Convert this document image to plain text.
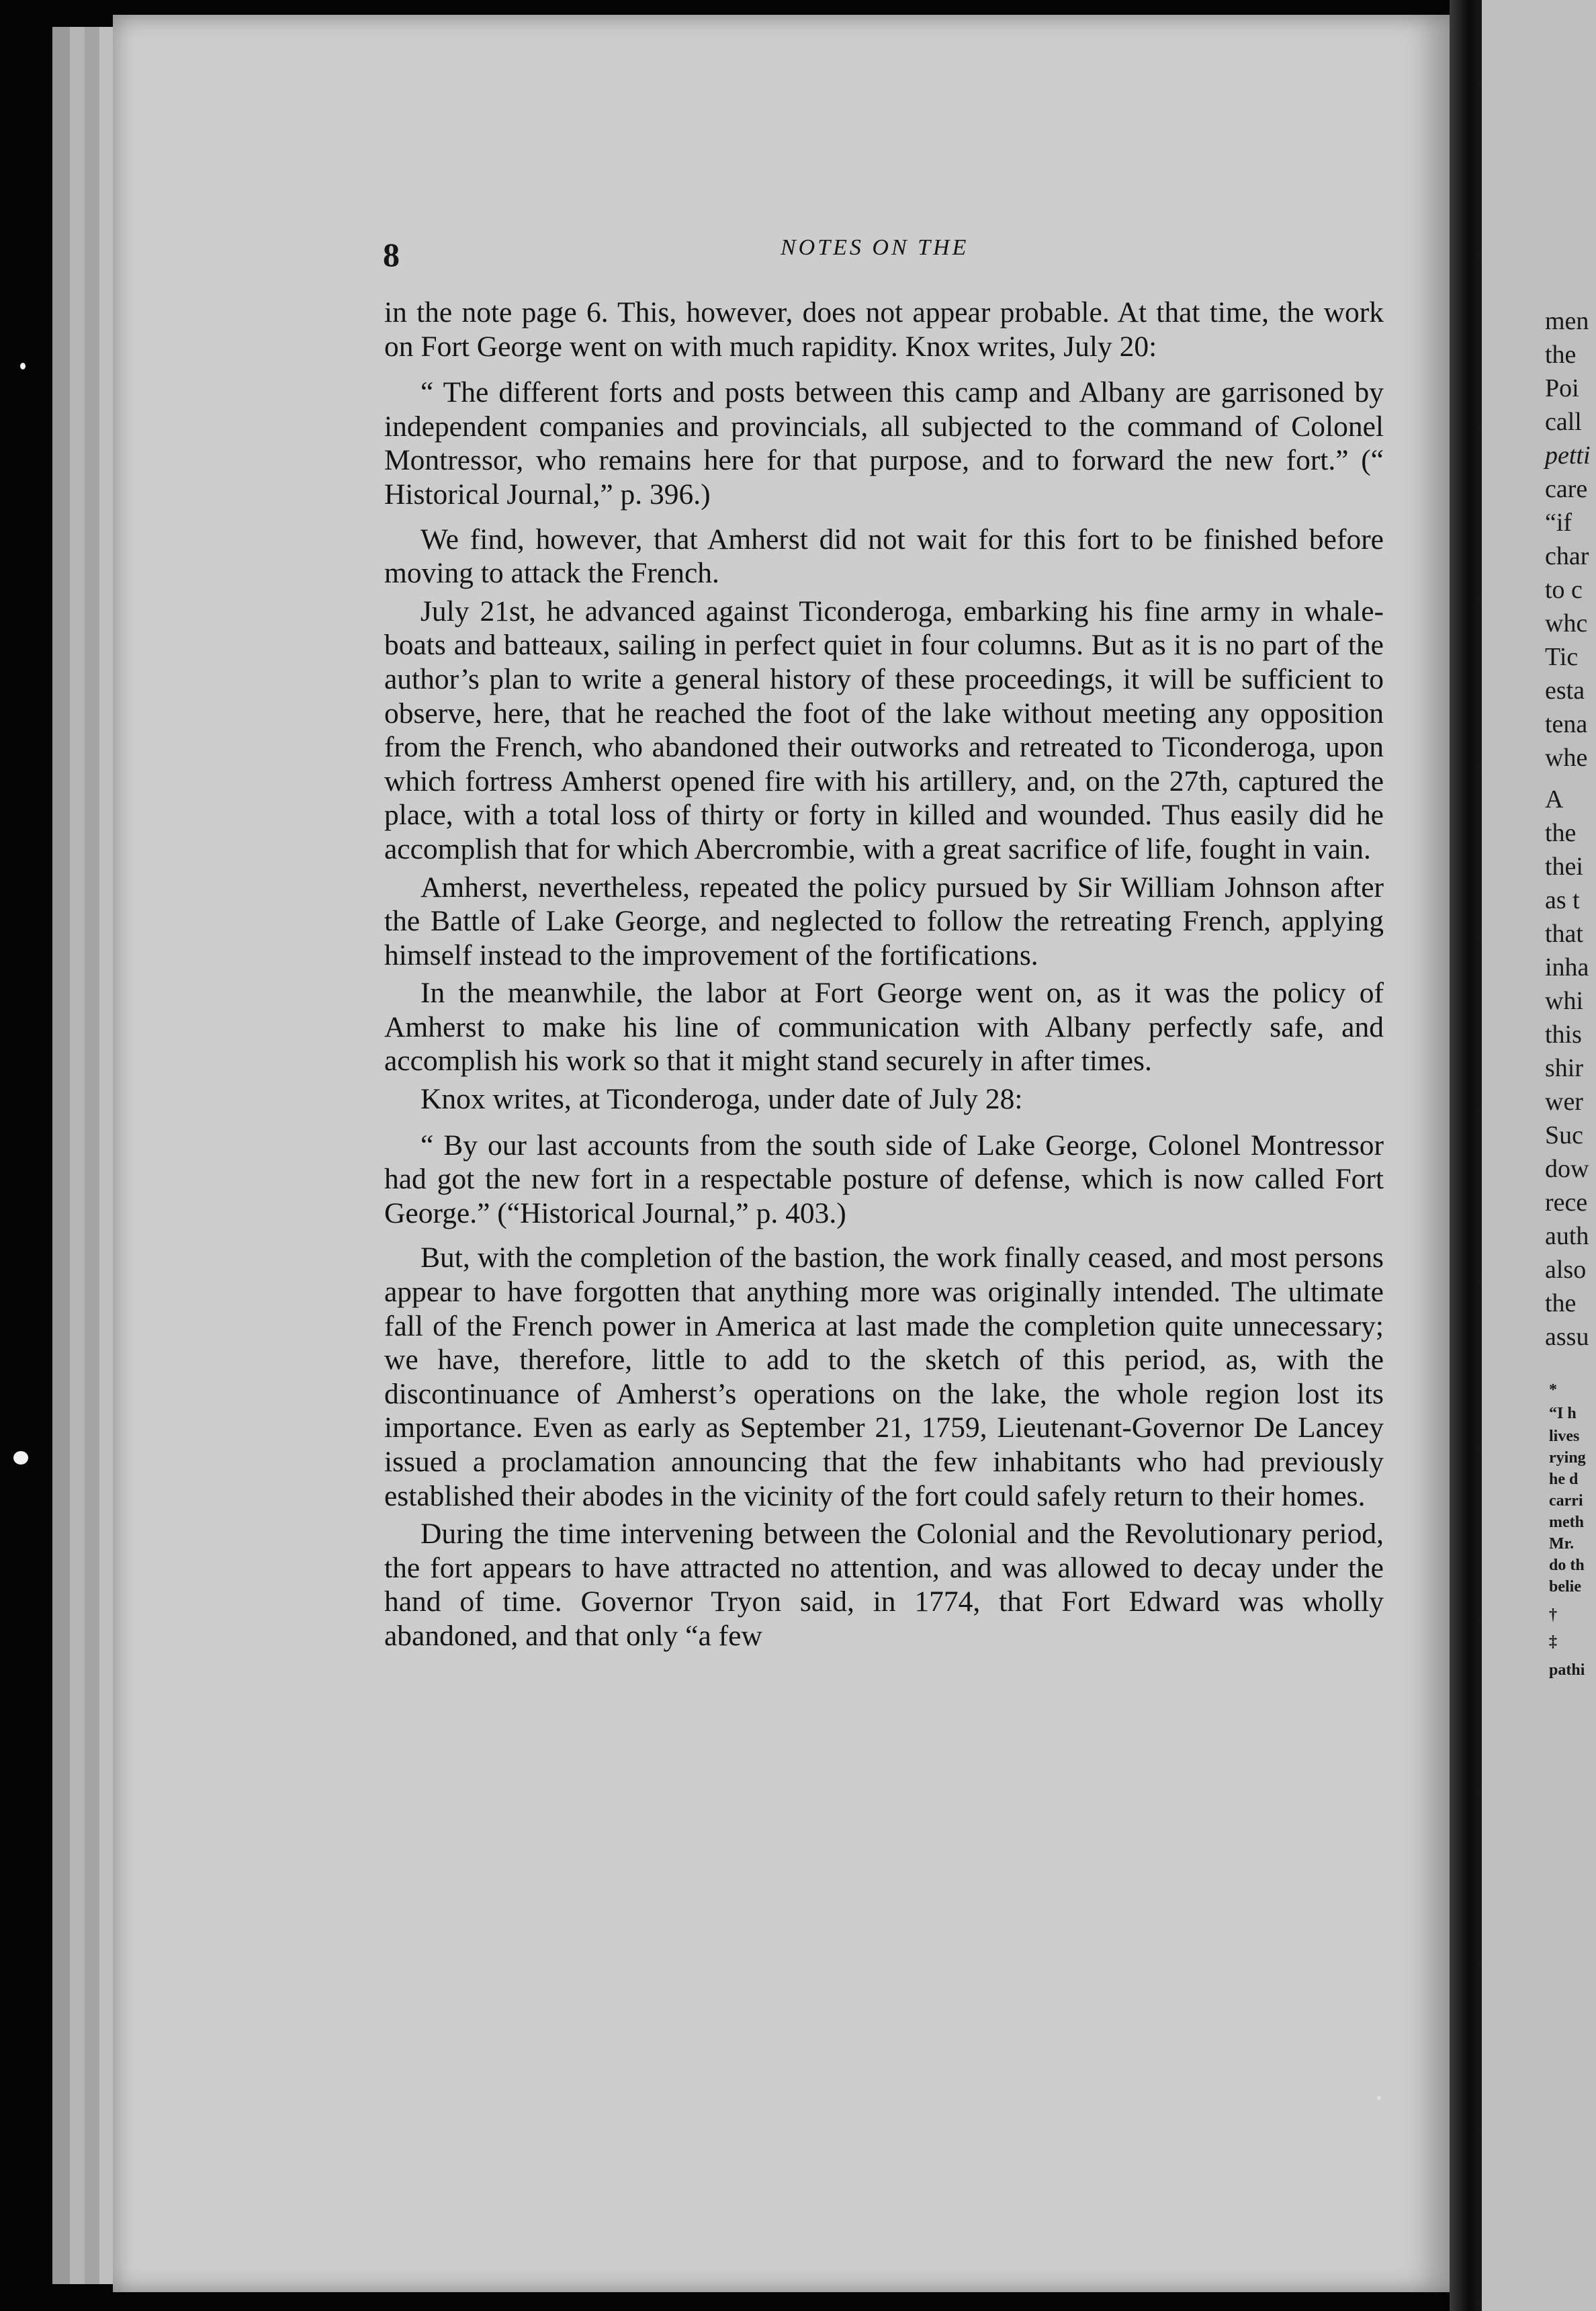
8	NOTES ON THE

in the note page 6. This, however, does not appear probable. At that time, the work on Fort George went on with much rapidity. Knox writes, July 20:

“ The different forts and posts between this camp and Albany are garrisoned by independent companies and provincials, all subjected to the command of Colonel Montressor, who remains here for that purpose, and to forward the new fort.” (“ Historical Journal,” p. 396.)

We find, however, that Amherst did not wait for this fort to be finished before moving to attack the French.

July 21st, he advanced against Ticonderoga, embarking his fine army in whale-boats and batteaux, sailing in perfect quiet in four columns. But as it is no part of the author’s plan to write a general history of these proceedings, it will be sufficient to observe, here, that he reached the foot of the lake without meeting any opposition from the French, who abandoned their outworks and retreated to Ticonderoga, upon which fortress Amherst opened fire with his artillery, and, on the 27th, captured the place, with a total loss of thirty or forty in killed and wounded. Thus easily did he accomplish that for which Abercrombie, with a great sacrifice of life, fought in vain.

Amherst, nevertheless, repeated the policy pursued by Sir William Johnson after the Battle of Lake George, and neglected to follow the retreating French, applying himself instead to the improvement of the fortifications.

In the meanwhile, the labor at Fort George went on, as it was the policy of Amherst to make his line of communication with Albany perfectly safe, and accomplish his work so that it might stand securely in after times.

Knox writes, at Ticonderoga, under date of July 28:

“ By our last accounts from the south side of Lake George, Colonel Montressor had got the new fort in a respectable posture of defense, which is now called Fort George.” (“Historical Journal,” p. 403.)

But, with the completion of the bastion, the work finally ceased, and most persons appear to have forgotten that anything more was originally intended. The ultimate fall of the French power in America at last made the completion quite unnecessary; we have, therefore, little to add to the sketch of this period, as, with the discontinuance of Amherst’s operations on the lake, the whole region lost its importance. Even as early as September 21, 1759, Lieutenant-Governor De Lancey issued a proclamation announcing that the few inhabitants who had previously established their abodes in the vicinity of the fort could safely return to their homes.

During the time intervening between the Colonial and the Revolutionary period, the fort appears to have attracted no attention, and was allowed to decay under the hand of time. Governor Tryon said, in 1774, that Fort Edward was wholly abandoned, and that only “a few

men
the
Poi
call
petti
care
“if
char
to c
whc
Tic
esta
tena
whe
A
the
thei
as t
that
inha
whi
this
shir
wer
Suc
dow
rece
auth
also
the
assu
*
“I h
lives
rying
he d
carri
meth
Mr.
do th
belie
†
‡
pathi
